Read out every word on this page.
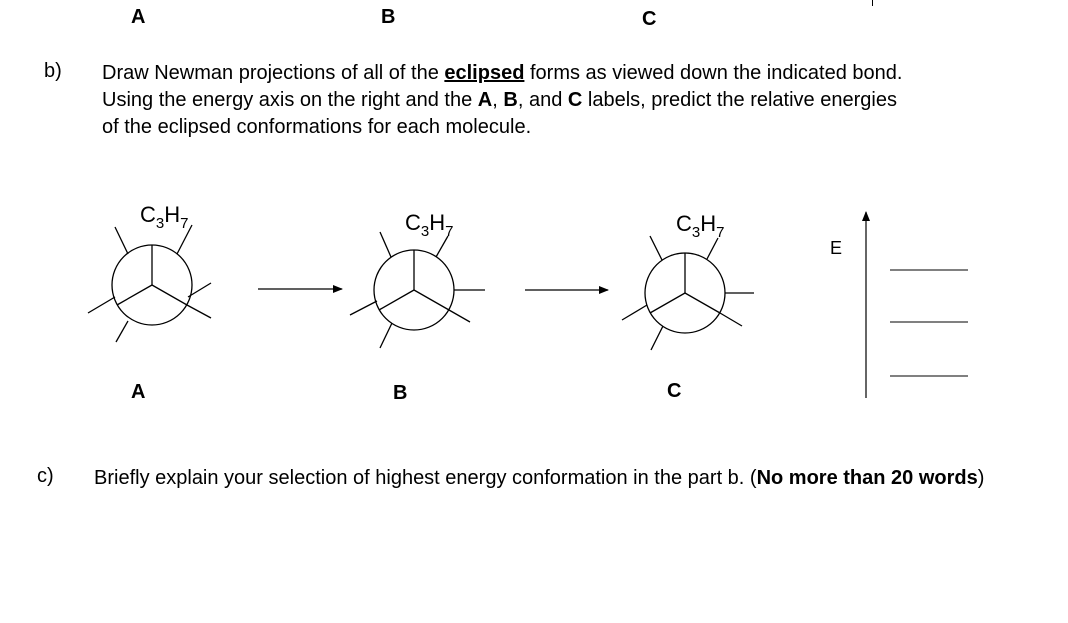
A	B	C
b) Draw Newman projections of all of the eclipsed forms as viewed down the indicated bond.
Using the energy axis on the right and the A, B, and C labels, predict the relative energies
of the eclipsed conformations for each molecule.
$C_3H_7$
A
$C_3H_7$
B
$C_3H_7$
C
E
c) Briefly explain your selection of highest energy conformation in the part b. (No more than 20 words)
